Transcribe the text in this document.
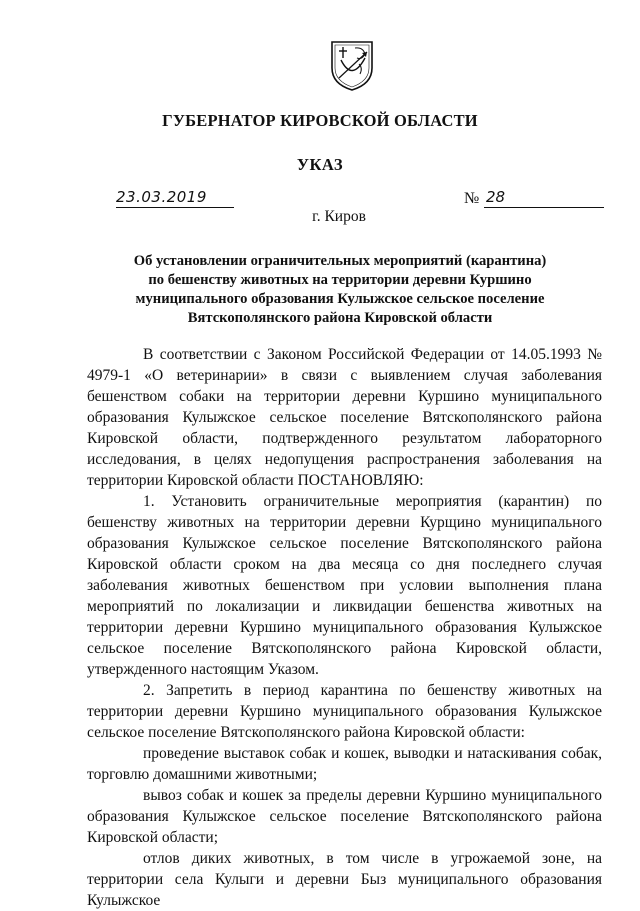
ГУБЕРНАТОР КИРОВСКОЙ ОБЛАСТИ
УКАЗ
23.03.2019	№ 28
г. Киров
Об установлении ограничительных мероприятий (карантина)
по бешенству животных на территории деревни Куршино
муниципального образования Кулыжское сельское поселение
Вятскополянского района Кировской области

В соответствии с Законом Российской Федерации от 14.05.1993 № 4979-1 «О ветеринарии» в связи с выявлением случая заболевания бешенством собаки на территории деревни Куршино муниципального образования Кулыжское сельское поселение Вятскополянского района Кировской области, подтвержденного результатом лабораторного исследования, в целях недопущения распространения заболевания на территории Кировской области ПОСТАНОВЛЯЮ:

1. Установить ограничительные мероприятия (карантин) по бешенству животных на территории деревни Курщино муниципального образования Кулыжское сельское поселение Вятскополянского района Кировской области сроком на два месяца со дня последнего случая заболевания животных бешенством при условии выполнения плана мероприятий по локализации и ликвидации бешенства животных на территории деревни Куршино муниципального образования Кулыжское сельское поселение Вятскополянского района Кировской области, утвержденного настоящим Указом.

2. Запретить в период карантина по бешенству животных на территории деревни Куршино муниципального образования Кулыжское сельское поселение Вятскополянского района Кировской области:

проведение выставок собак и кошек, выводки и натаскивания собак, торговлю домашними животными;

вывоз собак и кошек за пределы деревни Куршино муниципального образования Кулыжское сельское поселение Вятскополянского района Кировской области;

отлов диких животных, в том числе в угрожаемой зоне, на территории села Кулыги и деревни Быз муниципального образования Кулыжское
